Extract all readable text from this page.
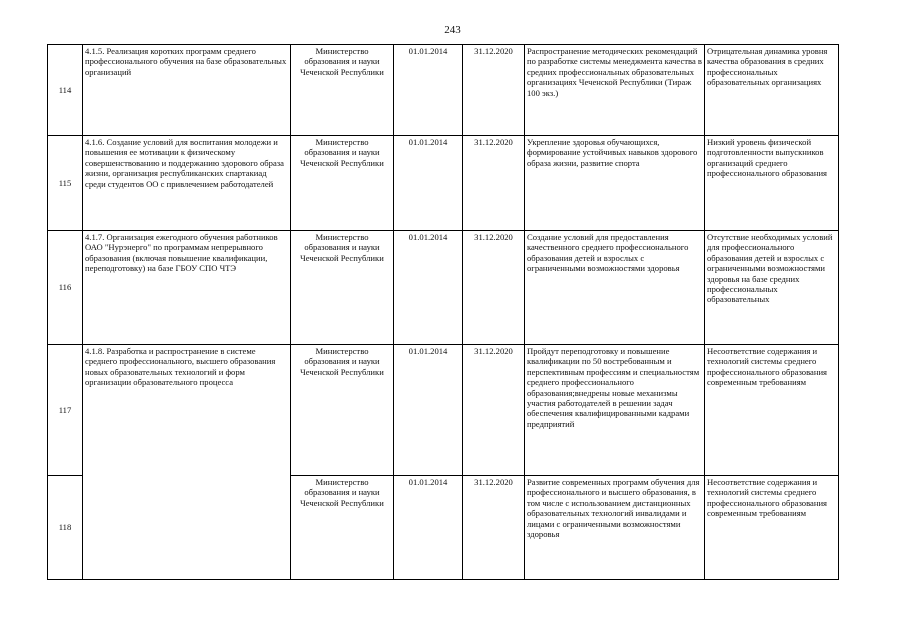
243
114	4.1.5. Реализация коротких программ среднего профессионального обучения на базе образовательных организаций	Министерство образования и науки Чеченской Республики	01.01.2014	31.12.2020	Распространение методических рекомендаций по разработке системы менеджмента качества в средних профессиональных образовательных организациях Чеченской Республики (Тираж 100 экз.)	Отрицательная динамика уровня качества образования в средних профессиональных образовательных организациях
115	4.1.6. Создание условий для воспитания молодежи и повышения ее мотивации к физическому совершенствованию и поддержанию здорового образа жизни, организация республиканских спартакиад среди студентов ОО с привлечением работодателей	Министерство образования и науки Чеченской Республики	01.01.2014	31.12.2020	Укрепление здоровья обучающихся, формирование устойчивых навыков здорового образа жизни, развитие спорта	Низкий уровень физической подготовленности выпускников организаций среднего профессионального образования
116	4.1.7. Организация ежегодного обучения работников ОАО "Нурэнерго" по программам непрерывного образования (включая повышение квалификации, переподготовку) на базе ГБОУ СПО ЧТЭ	Министерство образования и науки Чеченской Республики	01.01.2014	31.12.2020	Создание условий для предоставления качественного среднего профессионального образования детей и взрослых с ограниченными возможностями здоровья	Отсутствие необходимых условий для профессионального образования детей и взрослых с ограниченными возможностями здоровья на базе средних профессиональных образовательных
117	4.1.8. Разработка и распространение в системе среднего профессионального, высшего образования новых образовательных технологий и форм организации образовательного процесса	Министерство образования и науки Чеченской Республики	01.01.2014	31.12.2020	Пройдут переподготовку и повышение квалификации по 50 востребованным и перспективным профессиям и специальностям среднего профессионального образования;внедрены новые механизмы участия работодателей в решении задач обеспечения квалифицированными кадрами предприятий	Несоответствие содержания и технологий системы среднего профессионального образования современным требованиям
118		Министерство образования и науки Чеченской Республики	01.01.2014	31.12.2020	Развитие современных программ обучения для профессионального и высшего образования, в том числе с использованием дистанционных образовательных технологий инвалидами и лицами с ограниченными возможностями здоровья	Несоответствие содержания и технологий системы среднего профессионального образования современным требованиям
